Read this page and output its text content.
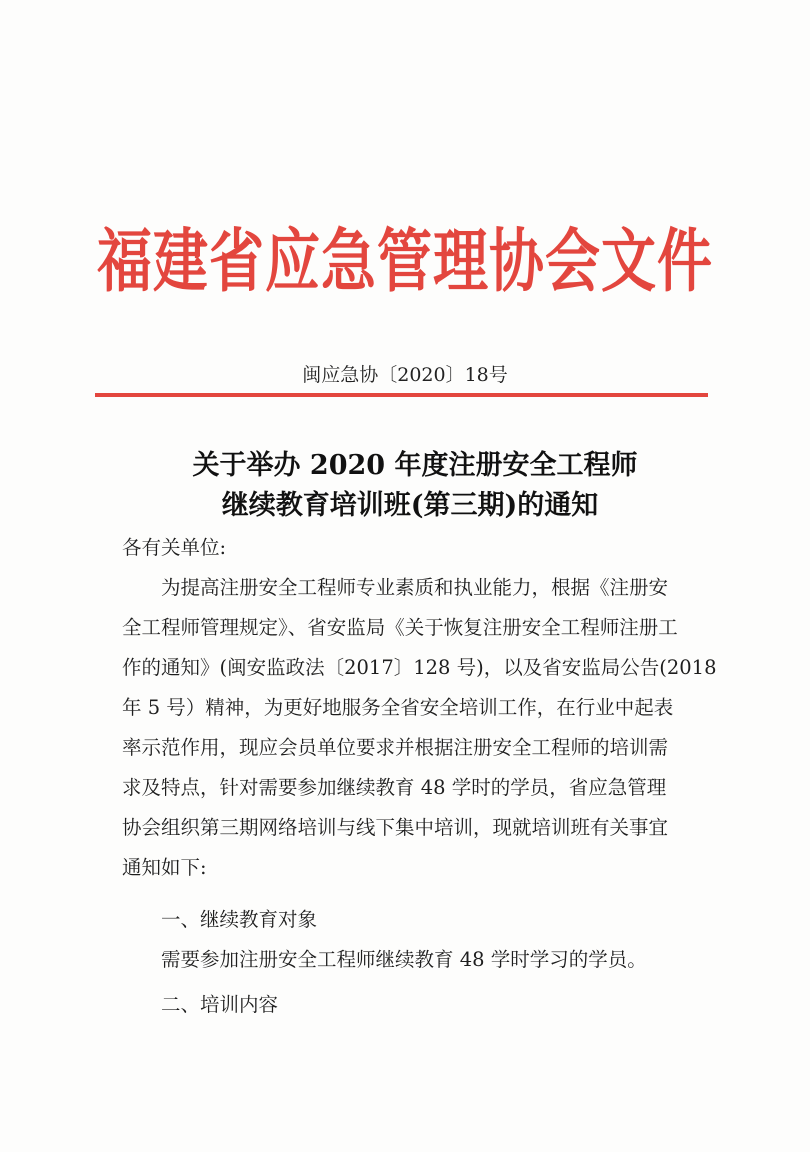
福建省应急管理协会文件
闽应急协〔2020〕18号
关于举办 2020 年度注册安全工程师
继续教育培训班(第三期)的通知
各有关单位:
为提高注册安全工程师专业素质和执业能力，根据《注册安
全工程师管理规定》、省安监局《关于恢复注册安全工程师注册工
作的通知》(闽安监政法〔2017〕128 号)，以及省安监局公告(2018
年 5 号）精神，为更好地服务全省安全培训工作，在行业中起表
率示范作用，现应会员单位要求并根据注册安全工程师的培训需
求及特点，针对需要参加继续教育 48 学时的学员，省应急管理
协会组织第三期网络培训与线下集中培训，现就培训班有关事宜
通知如下:
一、继续教育对象
需要参加注册安全工程师继续教育 48 学时学习的学员。
二、培训内容
